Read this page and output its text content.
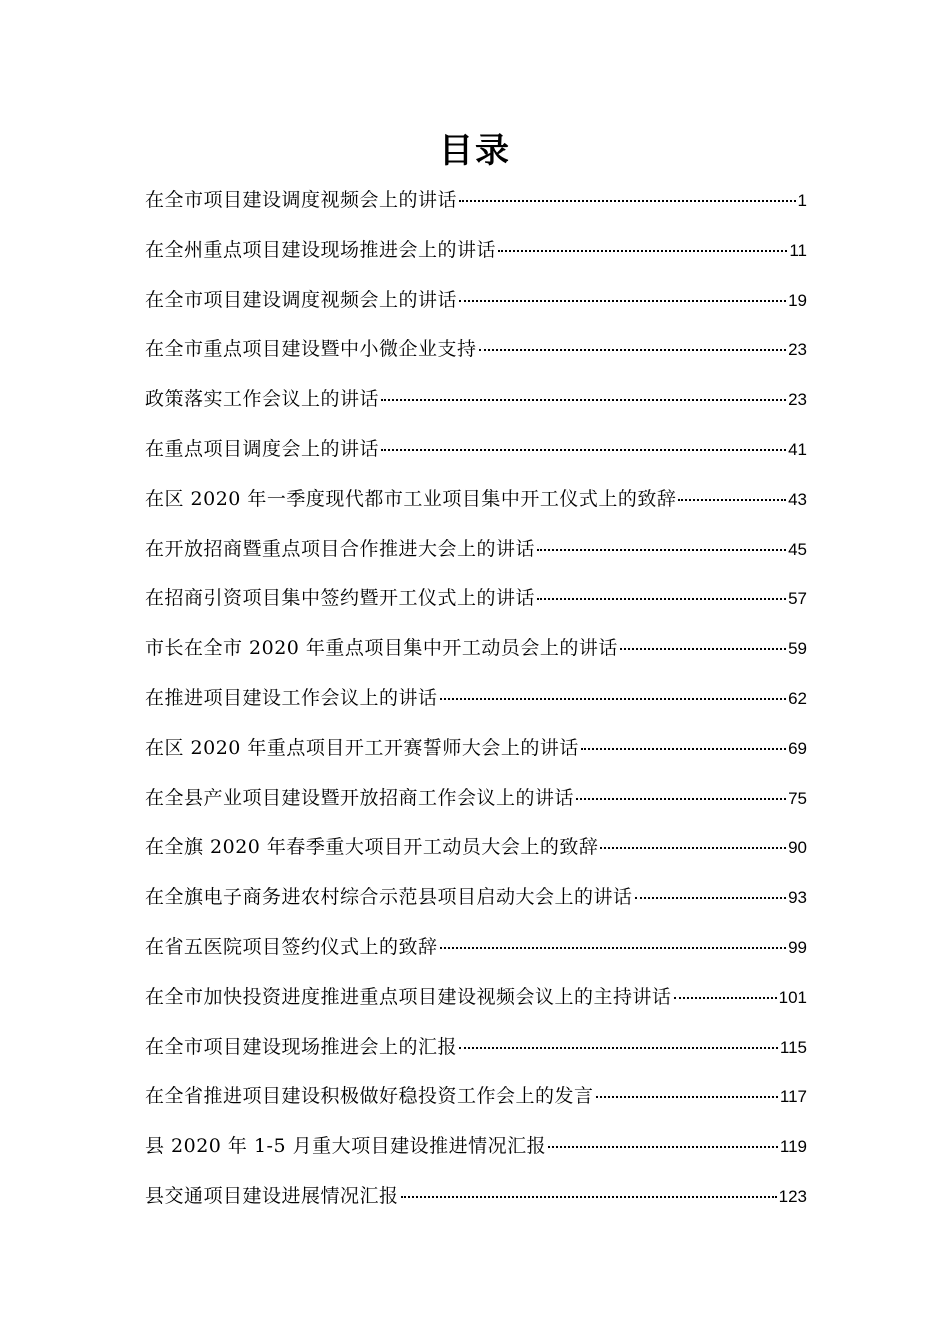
目录
在全市项目建设调度视频会上的讲话	1
在全州重点项目建设现场推进会上的讲话	11
在全市项目建设调度视频会上的讲话	19
在全市重点项目建设暨中小微企业支持	23
政策落实工作会议上的讲话	23
在重点项目调度会上的讲话	41
在区 2020 年一季度现代都市工业项目集中开工仪式上的致辞	43
在开放招商暨重点项目合作推进大会上的讲话	45
在招商引资项目集中签约暨开工仪式上的讲话	57
市长在全市 2020 年重点项目集中开工动员会上的讲话	59
在推进项目建设工作会议上的讲话	62
在区 2020 年重点项目开工开赛誓师大会上的讲话	69
在全县产业项目建设暨开放招商工作会议上的讲话	75
在全旗 2020 年春季重大项目开工动员大会上的致辞	90
在全旗电子商务进农村综合示范县项目启动大会上的讲话	93
在省五医院项目签约仪式上的致辞	99
在全市加快投资进度推进重点项目建设视频会议上的主持讲话	101
在全市项目建设现场推进会上的汇报	115
在全省推进项目建设积极做好稳投资工作会上的发言	117
县 2020 年 1-5 月重大项目建设推进情况汇报	119
县交通项目建设进展情况汇报	123
